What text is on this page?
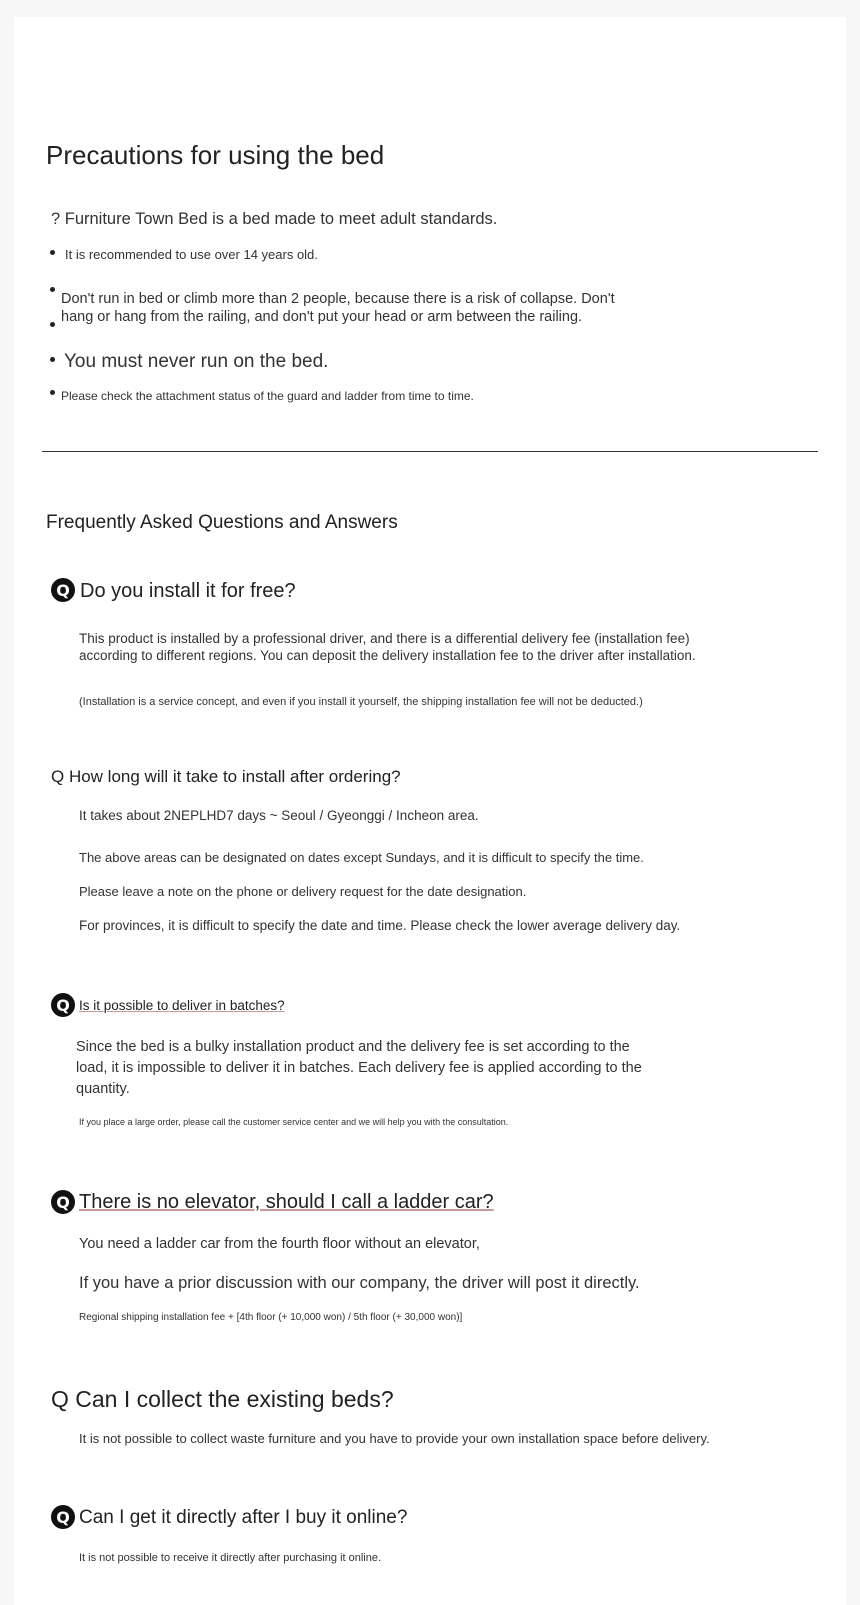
Precautions for using the bed
? Furniture Town Bed is a bed made to meet adult standards.
It is recommended to use over 14 years old.
Don't run in bed or climb more than 2 people, because there is a risk of collapse. Don't
hang or hang from the railing, and don't put your head or arm between the railing.
You must never run on the bed.
Please check the attachment status of the guard and ladder from time to time.
Frequently Asked Questions and Answers
Q Do you install it for free?
This product is installed by a professional driver, and there is a differential delivery fee (installation fee)
according to different regions. You can deposit the delivery installation fee to the driver after installation.
(Installation is a service concept, and even if you install it yourself, the shipping installation fee will not be deducted.)
Q How long will it take to install after ordering?
It takes about 2NEPLHD7 days ~ Seoul / Gyeonggi / Incheon area.
The above areas can be designated on dates except Sundays, and it is difficult to specify the time.
Please leave a note on the phone or delivery request for the date designation.
For provinces, it is difficult to specify the date and time. Please check the lower average delivery day.
Q Is it possible to deliver in batches?
Since the bed is a bulky installation product and the delivery fee is set according to the
load, it is impossible to deliver it in batches. Each delivery fee is applied according to the
quantity.
If you place a large order, please call the customer service center and we will help you with the consultation.
Q There is no elevator, should I call a ladder car?
You need a ladder car from the fourth floor without an elevator,
If you have a prior discussion with our company, the driver will post it directly.
Regional shipping installation fee + [4th floor (+ 10,000 won) / 5th floor (+ 30,000 won)]
Q Can I collect the existing beds?
It is not possible to collect waste furniture and you have to provide your own installation space before delivery.
Q Can I get it directly after I buy it online?
It is not possible to receive it directly after purchasing it online.
